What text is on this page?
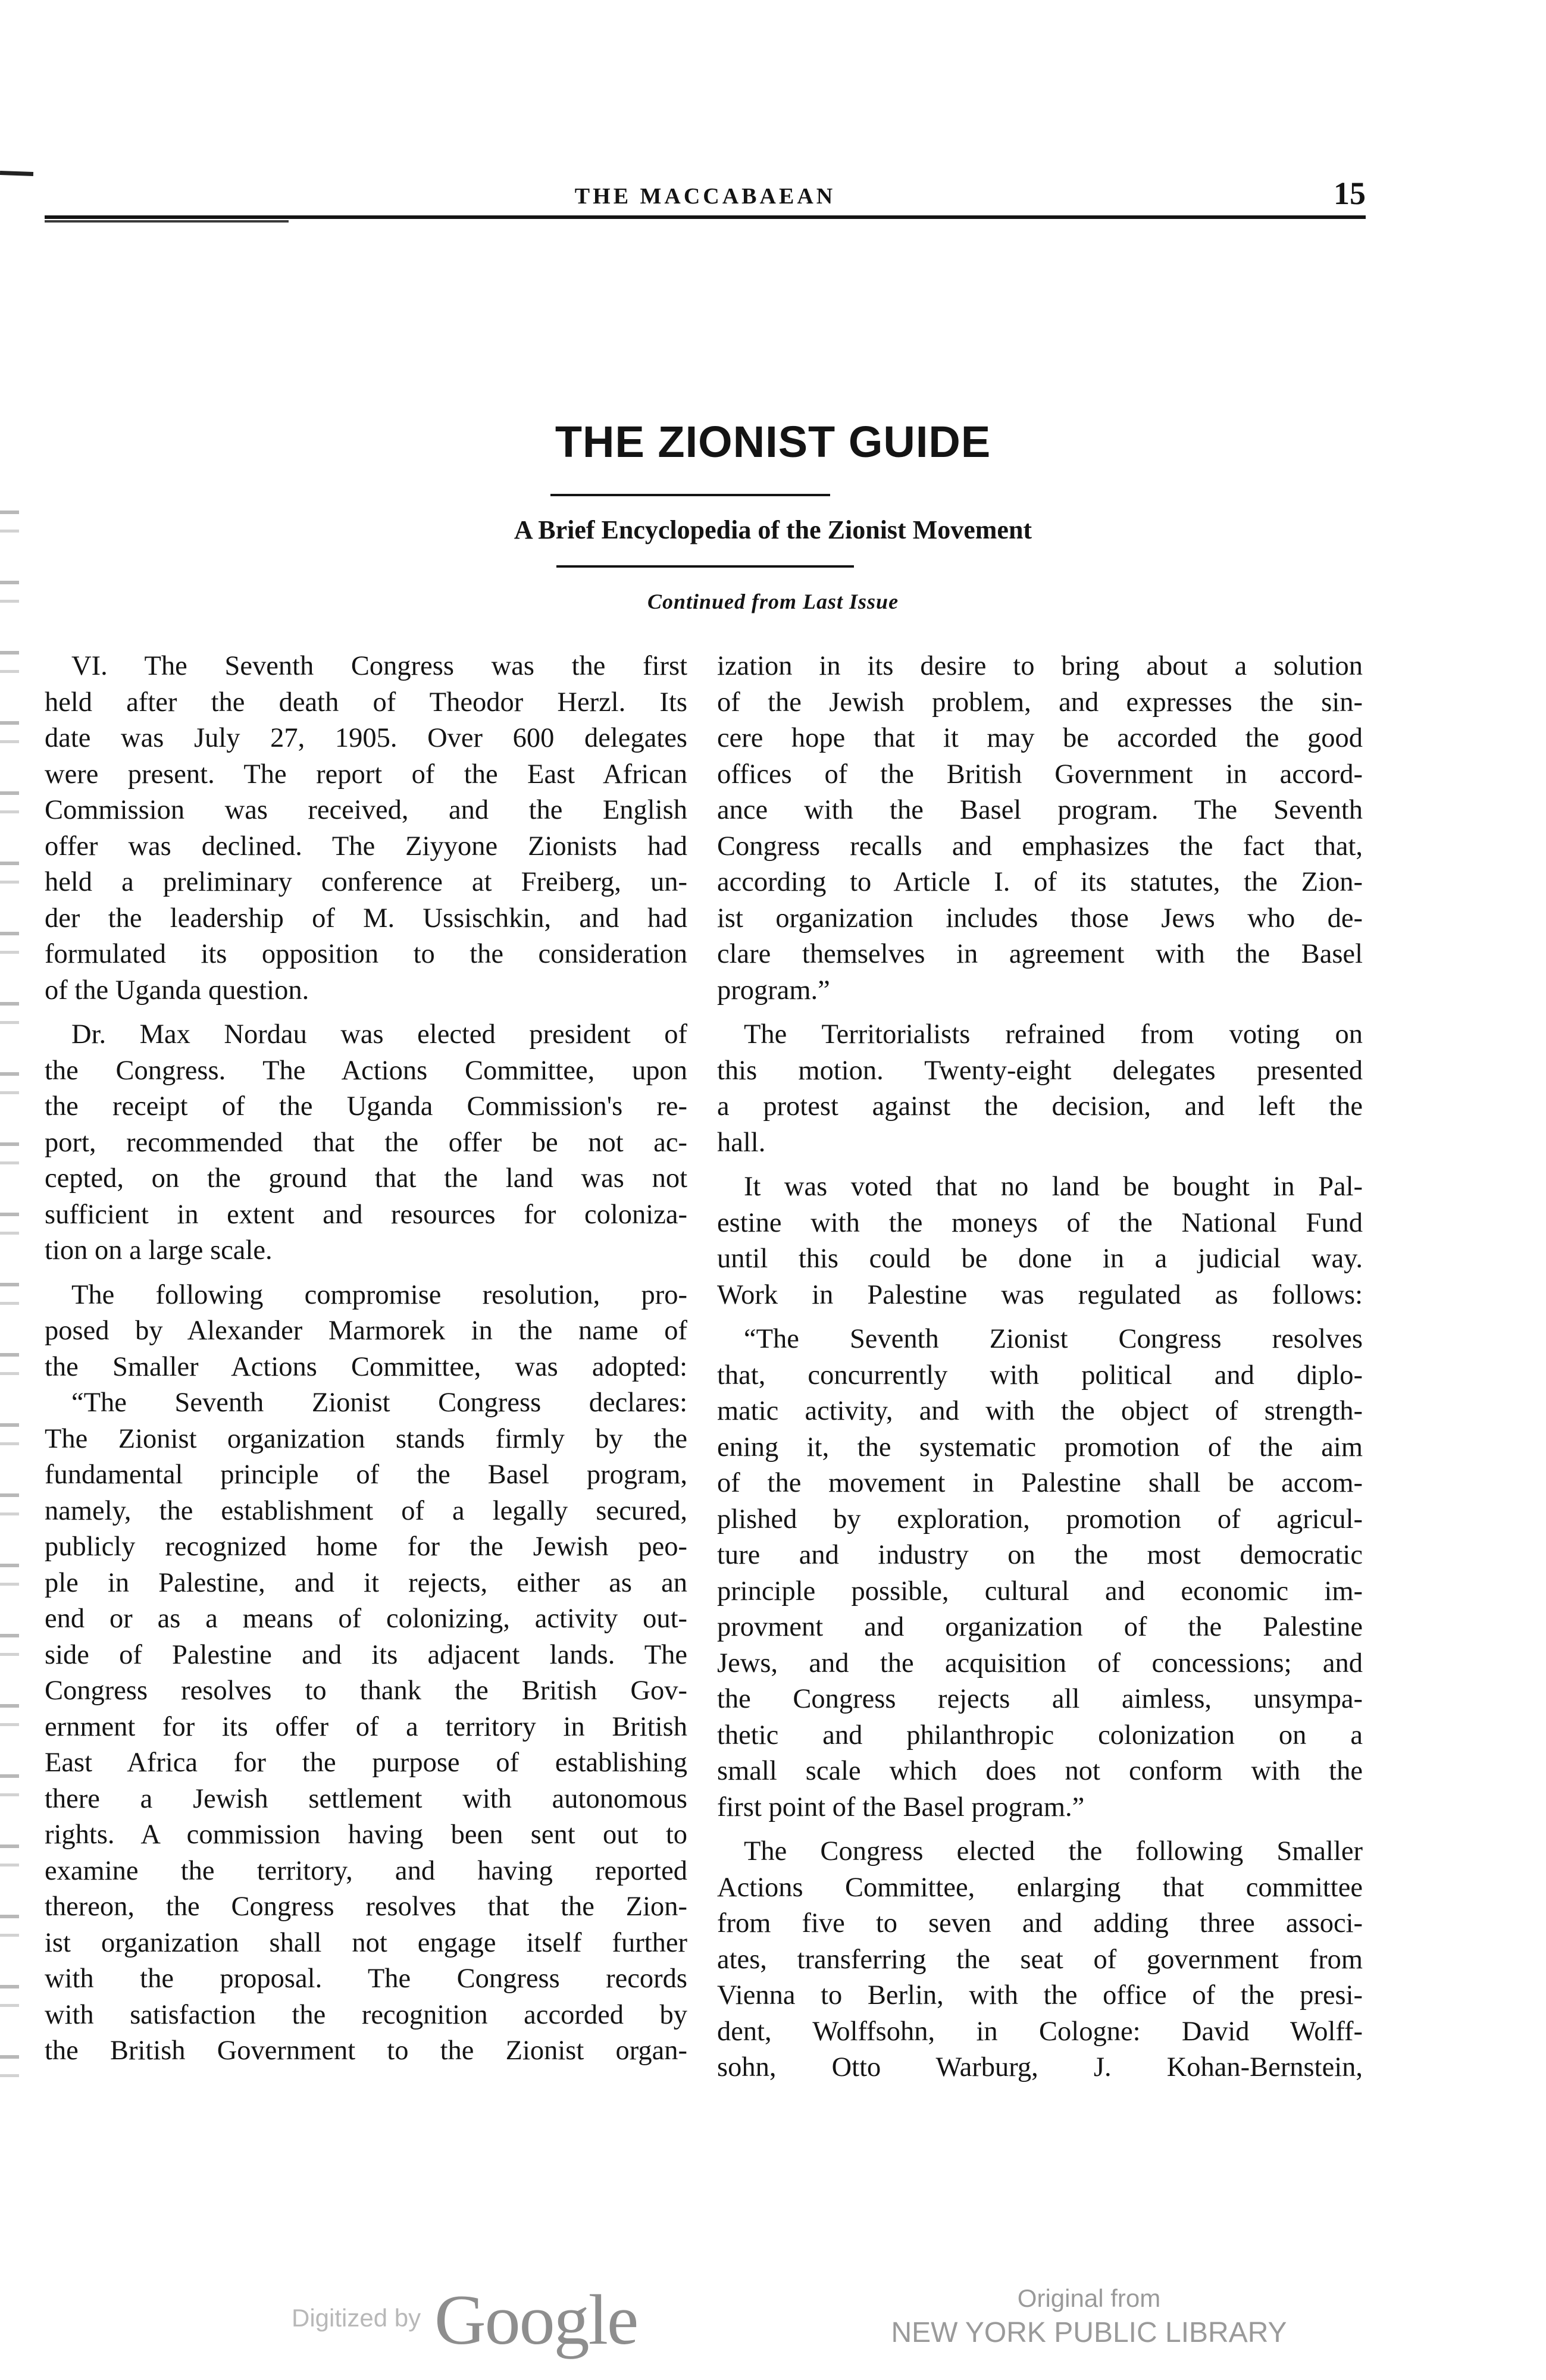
THE MACCABAEAN	15
THE ZIONIST GUIDE
A Brief Encyclopedia of the Zionist Movement
Continued from Last Issue
VI. The Seventh Congress was the first
held after the death of Theodor Herzl. Its
date was July 27, 1905. Over 600 delegates
were present. The report of the East African
Commission was received, and the English
offer was declined. The Ziyyone Zionists had
held a preliminary conference at Freiberg, un-
der the leadership of M. Ussischkin, and had
formulated its opposition to the consideration
of the Uganda question.
Dr. Max Nordau was elected president of
the Congress. The Actions Committee, upon
the receipt of the Uganda Commission's re-
port, recommended that the offer be not ac-
cepted, on the ground that the land was not
sufficient in extent and resources for coloniza-
tion on a large scale.
The following compromise resolution, pro-
posed by Alexander Marmorek in the name of
the Smaller Actions Committee, was adopted:
“The Seventh Zionist Congress declares:
The Zionist organization stands firmly by the
fundamental principle of the Basel program,
namely, the establishment of a legally secured,
publicly recognized home for the Jewish peo-
ple in Palestine, and it rejects, either as an
end or as a means of colonizing, activity out-
side of Palestine and its adjacent lands. The
Congress resolves to thank the British Gov-
ernment for its offer of a territory in British
East Africa for the purpose of establishing
there a Jewish settlement with autonomous
rights. A commission having been sent out to
examine the territory, and having reported
thereon, the Congress resolves that the Zion-
ist organization shall not engage itself further
with the proposal. The Congress records
with satisfaction the recognition accorded by
the British Government to the Zionist organ-
ization in its desire to bring about a solution
of the Jewish problem, and expresses the sin-
cere hope that it may be accorded the good
offices of the British Government in accord-
ance with the Basel program. The Seventh
Congress recalls and emphasizes the fact that,
according to Article I. of its statutes, the Zion-
ist organization includes those Jews who de-
clare themselves in agreement with the Basel
program.”
The Territorialists refrained from voting on
this motion. Twenty-eight delegates presented
a protest against the decision, and left the
hall.
It was voted that no land be bought in Pal-
estine with the moneys of the National Fund
until this could be done in a judicial way.
Work in Palestine was regulated as follows:
“The Seventh Zionist Congress resolves
that, concurrently with political and diplo-
matic activity, and with the object of strength-
ening it, the systematic promotion of the aim
of the movement in Palestine shall be accom-
plished by exploration, promotion of agricul-
ture and industry on the most democratic
principle possible, cultural and economic im-
provment and organization of the Palestine
Jews, and the acquisition of concessions; and
the Congress rejects all aimless, unsympa-
thetic and philanthropic colonization on a
small scale which does not conform with the
first point of the Basel program.”
The Congress elected the following Smaller
Actions Committee, enlarging that committee
from five to seven and adding three associ-
ates, transferring the seat of government from
Vienna to Berlin, with the office of the presi-
dent, Wolffsohn, in Cologne: David Wolff-
sohn, Otto Warburg, J. Kohan-Bernstein,
Digitized by Google	Original from
NEW YORK PUBLIC LIBRARY
